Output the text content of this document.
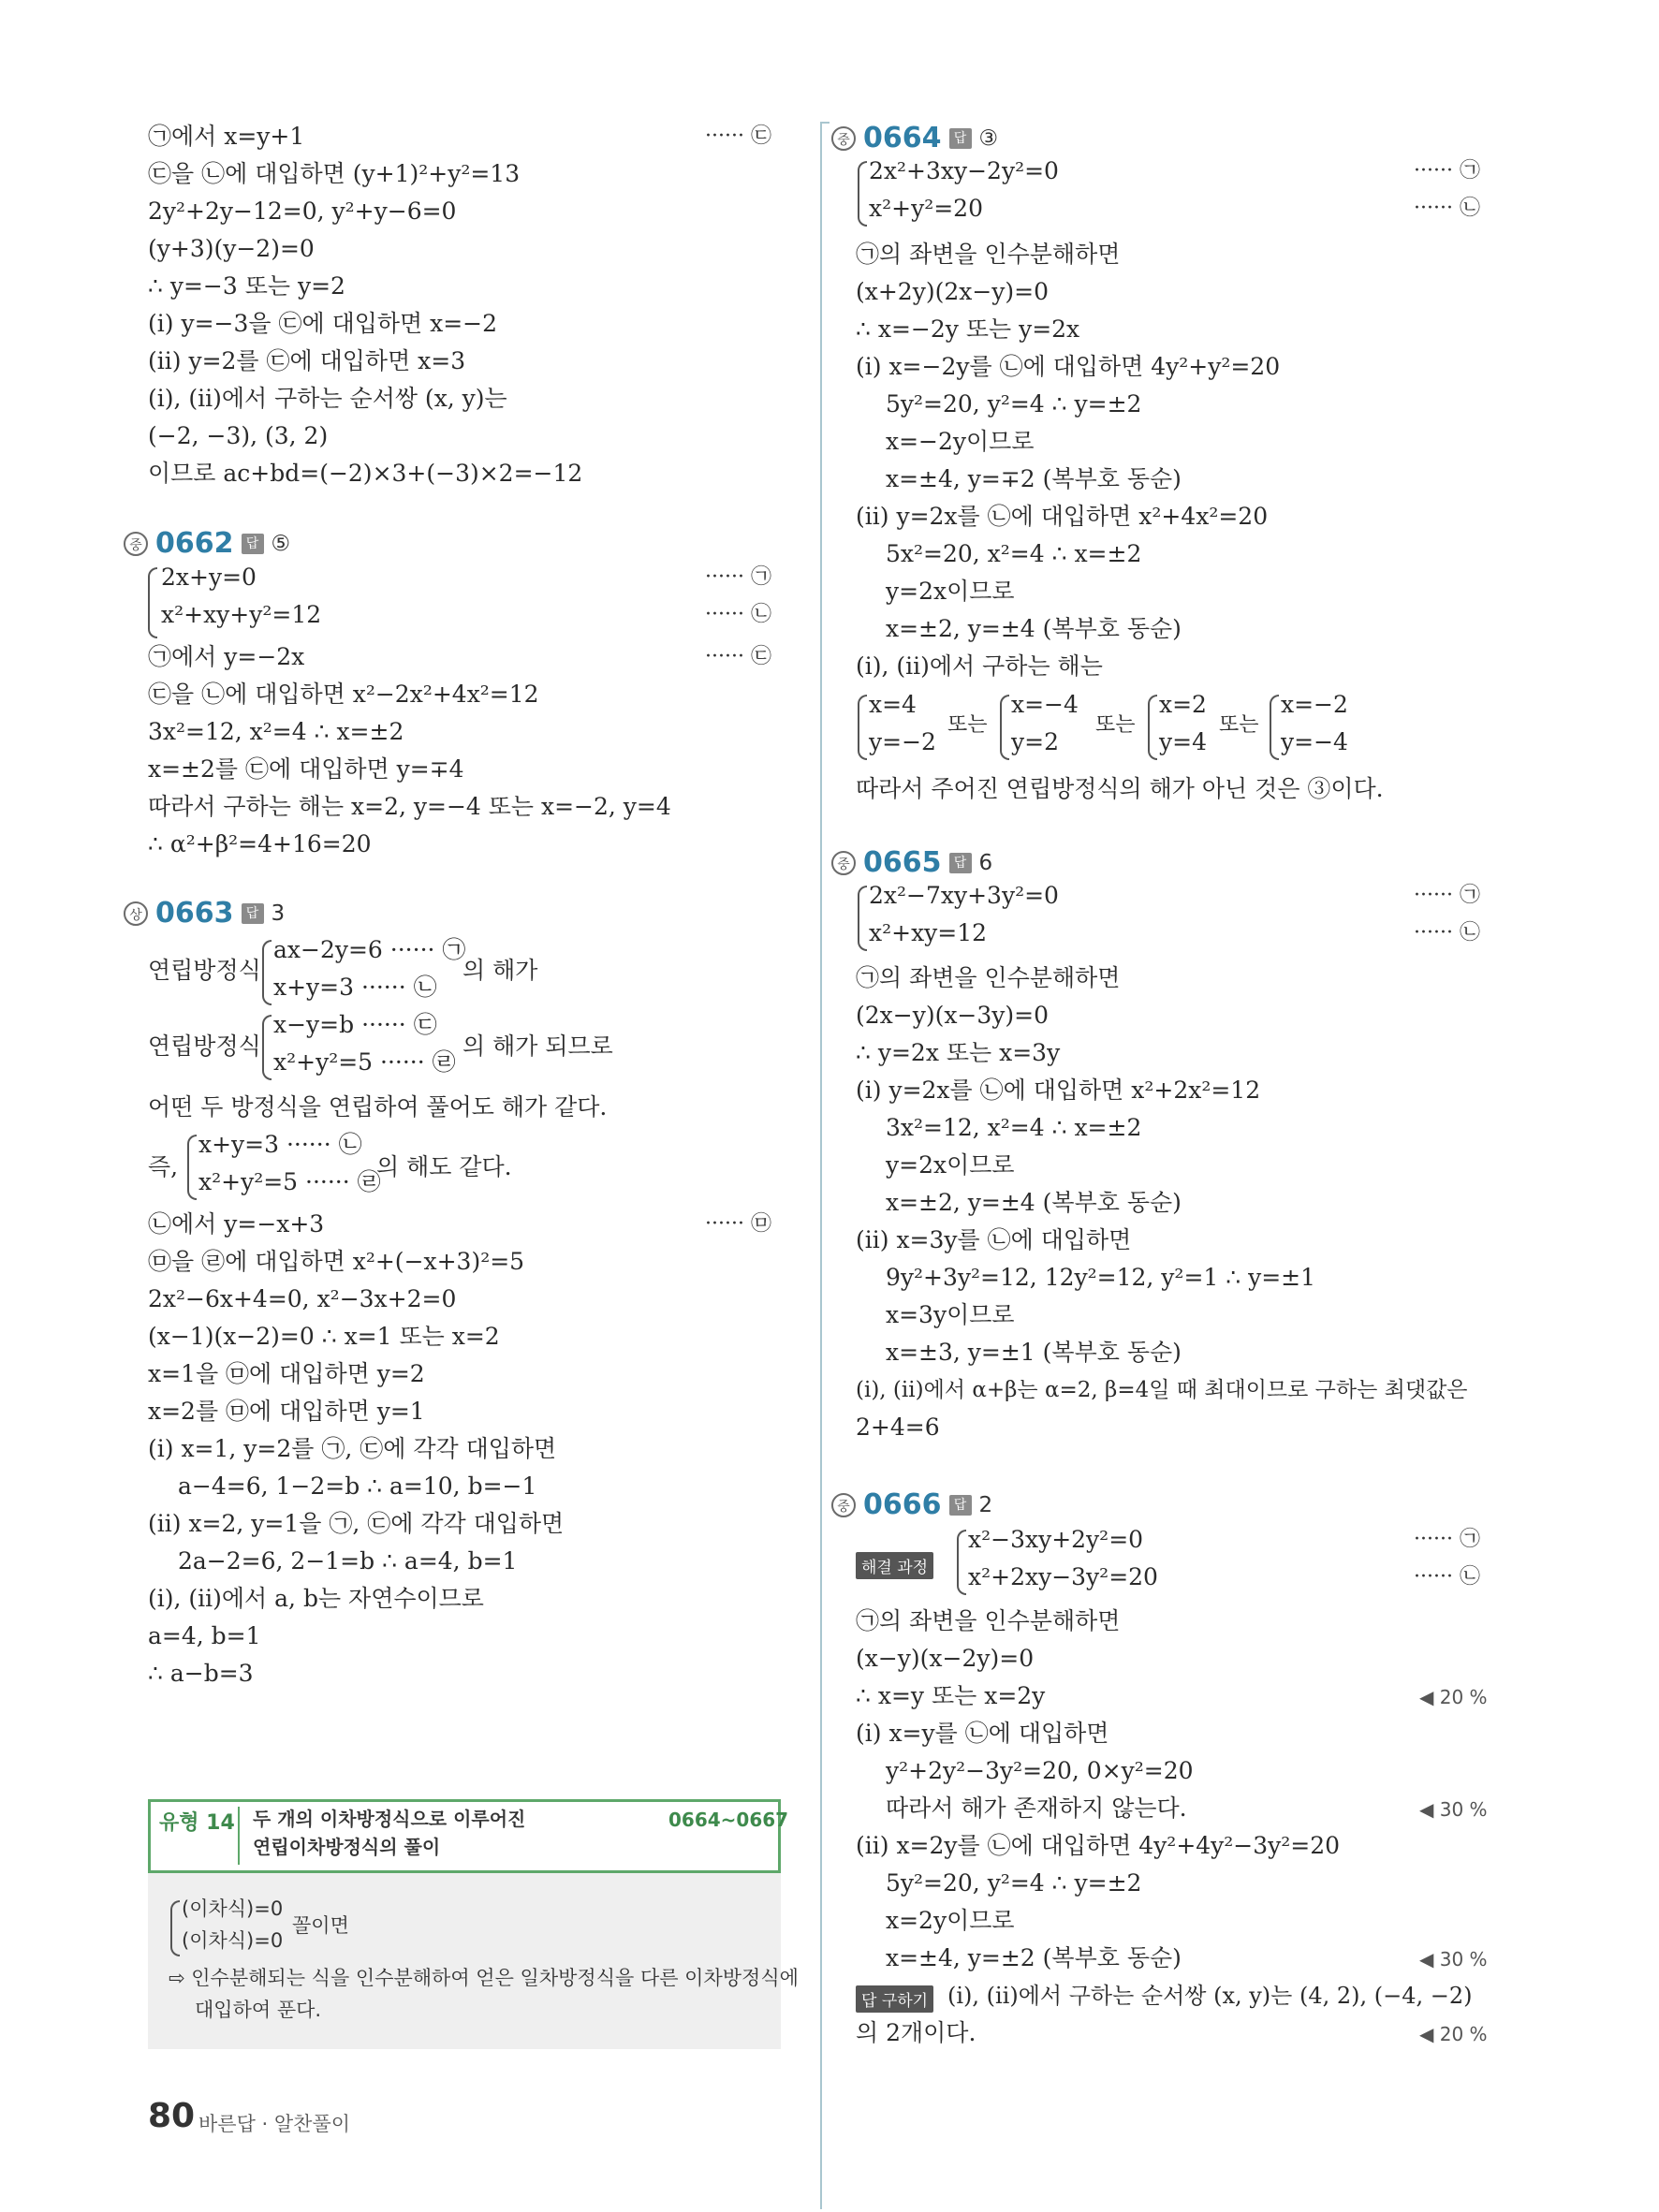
㉠에서 x=y+1	······ ㉢
㉢을 ㉡에 대입하면 (y+1)²+y²=13
2y²+2y−12=0, y²+y−6=0
(y+3)(y−2)=0
∴ y=−3 또는 y=2
(ⅰ) y=−3을 ㉢에 대입하면 x=−2
(ⅱ) y=2를 ㉢에 대입하면 x=3
(ⅰ), (ⅱ)에서 구하는 순서쌍 (x, y)는
(−2, −3), (3, 2)
이므로 ac+bd=(−2)×3+(−3)×2=−12
중 0662 답 ⑤
2x+y=0	······ ㉠
x²+xy+y²=12	······ ㉡
㉠에서 y=−2x	······ ㉢
㉢을 ㉡에 대입하면 x²−2x²+4x²=12
3x²=12, x²=4 ∴ x=±2
x=±2를 ㉢에 대입하면 y=∓4
따라서 구하는 해는 x=2, y=−4 또는 x=−2, y=4
∴ α²+β²=4+16=20
상 0663 답 3
연립방정식
ax−2y=6 ······ ㉠
x+y=3 ······ ㉡
의 해가
연립방정식
x−y=b ······ ㉢
x²+y²=5 ······ ㉣
의 해가 되므로
어떤 두 방정식을 연립하여 풀어도 해가 같다.
즉,
x+y=3 ······ ㉡
x²+y²=5 ······ ㉣
의 해도 같다.
㉡에서 y=−x+3	······ ㉤
㉤을 ㉣에 대입하면 x²+(−x+3)²=5
2x²−6x+4=0, x²−3x+2=0
(x−1)(x−2)=0 ∴ x=1 또는 x=2
x=1을 ㉤에 대입하면 y=2
x=2를 ㉤에 대입하면 y=1
(ⅰ) x=1, y=2를 ㉠, ㉢에 각각 대입하면
a−4=6, 1−2=b ∴ a=10, b=−1
(ⅱ) x=2, y=1을 ㉠, ㉢에 각각 대입하면
2a−2=6, 2−1=b ∴ a=4, b=1
(ⅰ), (ⅱ)에서 a, b는 자연수이므로
a=4, b=1
∴ a−b=3
유형 14 두 개의 이차방정식으로 이루어진
연립이차방정식의 풀이
0664~0667
(이차식)=0
(이차식)=0
꼴이면
⇨ 인수분해되는 식을 인수분해하여 얻은 일차방정식을 다른 이차방정식에
대입하여 푼다.
80 바른답 · 알찬풀이
중 0664 답 ③
2x²+3xy−2y²=0	······ ㉠
x²+y²=20	······ ㉡
㉠의 좌변을 인수분해하면
(x+2y)(2x−y)=0
∴ x=−2y 또는 y=2x
(ⅰ) x=−2y를 ㉡에 대입하면 4y²+y²=20
5y²=20, y²=4 ∴ y=±2
x=−2y이므로
x=±4, y=∓2 (복부호 동순)
(ⅱ) y=2x를 ㉡에 대입하면 x²+4x²=20
5x²=20, x²=4 ∴ x=±2
y=2x이므로
x=±2, y=±4 (복부호 동순)
(ⅰ), (ⅱ)에서 구하는 해는
x=4
y=−2
또는
x=−4
y=2
또는
x=2
y=4
또는
x=−2
y=−4
따라서 주어진 연립방정식의 해가 아닌 것은 ③이다.
중 0665 답 6
2x²−7xy+3y²=0	······ ㉠
x²+xy=12	······ ㉡
㉠의 좌변을 인수분해하면
(2x−y)(x−3y)=0
∴ y=2x 또는 x=3y
(ⅰ) y=2x를 ㉡에 대입하면 x²+2x²=12
3x²=12, x²=4 ∴ x=±2
y=2x이므로
x=±2, y=±4 (복부호 동순)
(ⅱ) x=3y를 ㉡에 대입하면
9y²+3y²=12, 12y²=12, y²=1 ∴ y=±1
x=3y이므로
x=±3, y=±1 (복부호 동순)
(ⅰ), (ⅱ)에서 α+β는 α=2, β=4일 때 최대이므로 구하는 최댓값은
2+4=6
중 0666 답 2
해결 과정
x²−3xy+2y²=0	······ ㉠
x²+2xy−3y²=20	······ ㉡
㉠의 좌변을 인수분해하면
(x−y)(x−2y)=0
∴ x=y 또는 x=2y	◀ 20 %
(ⅰ) x=y를 ㉡에 대입하면
y²+2y²−3y²=20, 0×y²=20
따라서 해가 존재하지 않는다.	◀ 30 %
(ⅱ) x=2y를 ㉡에 대입하면 4y²+4y²−3y²=20
5y²=20, y²=4 ∴ y=±2
x=2y이므로
x=±4, y=±2 (복부호 동순)	◀ 30 %
답 구하기 (ⅰ), (ⅱ)에서 구하는 순서쌍 (x, y)는 (4, 2), (−4, −2)
의 2개이다.	◀ 20 %
